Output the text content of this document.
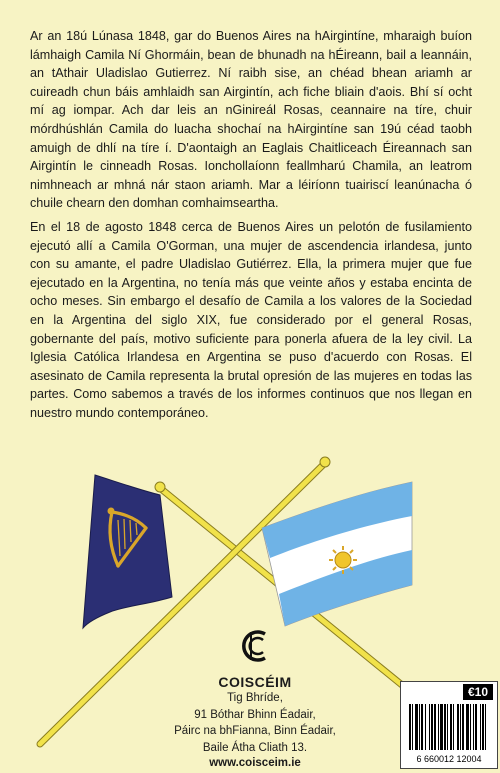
Ar an 18ú Lúnasa 1848, gar do Buenos Aires na hAirgintíne, mharaigh buíon lámhaigh Camila Ní Ghormáin, bean de bhunadh na hÉireann, bail a leannáin, an tAthair Uladislao Gutierrez. Ní raibh sise, an chéad bhean ariamh ar cuireadh chun báis amhlaidh san Airgintín, ach fiche bliain d'aois. Bhí sí ocht mí ag iompar. Ach dar leis an nGinireál Rosas, ceannaire na tíre, chuir mórdhúshlán Camila do luacha shochaí na hAirgintíne san 19ú céad taobh amuigh de dhlí na tíre í. D'aontaigh an Eaglais Chaitliceach Éireannach san Airgintín le cinneadh Rosas. Ionchollaíonn feallmharú Chamila, an leatrom nimhneach ar mhná nár staon ariamh. Mar a léiríonn tuairiscí leanúnacha ó chuile chearn den domhan comhaimseartha.

En el 18 de agosto 1848 cerca de Buenos Aires un pelotón de fusilamiento ejecutó allí a Camila O'Gorman, una mujer de ascendencia irlandesa, junto con su amante, el padre Uladislao Gutiérrez. Ella, la primera mujer que fue ejecutado en la Argentina, no tenía más que veinte años y estaba encinta de ocho meses. Sin embargo el desafío de Camila a los valores de la Sociedad en la Argentina del siglo XIX, fue considerado por el general Rosas, gobernante del país, motivo suficiente para ponerla afuera de la ley civil. La Iglesia Católica Irlandesa en Argentina se puso d'acuerdo con Rosas. El asesinato de Camila representa la brutal opresión de las mujeres en todas las partes. Como sabemos a través de los informes continuos que nos llegan en nuestro mundo contemporáneo.

COISCÉIM
Tig Bhríde,
91 Bóthar Bhinn Éadair,
Páirc na bhFianna, Binn Éadair,
Baile Átha Cliath 13.
www.coisceim.ie
€10
6 660012 12004
